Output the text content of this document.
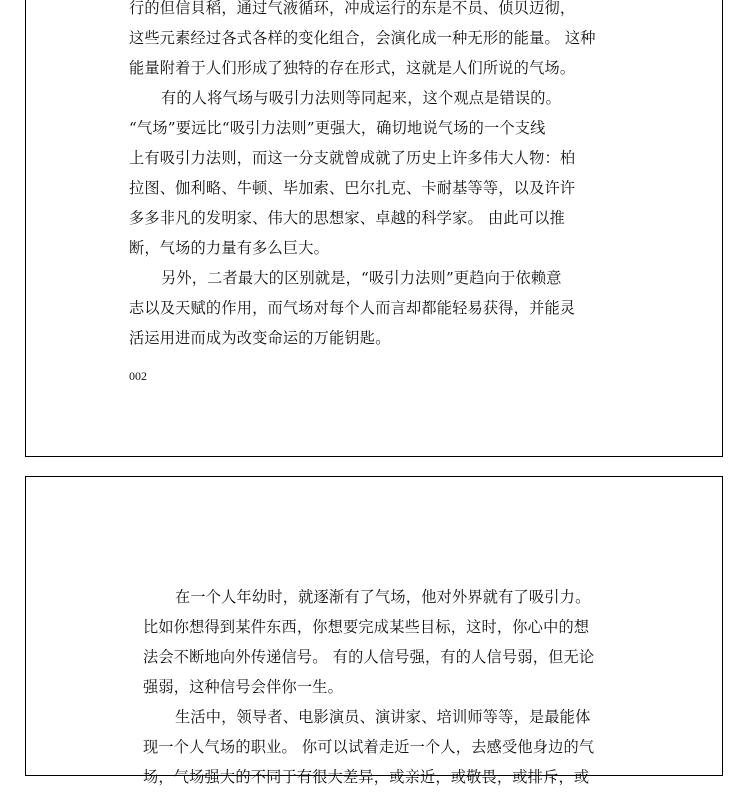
行的但信貝稻，通过气液循环，冲成运行的东是不员、侦贝迈彻，
这些元素经过各式各样的变化组合，会演化成一种无形的能量。 这种
能量附着于人们形成了独特的存在形式，这就是人们所说的气场。
有的人将气场与吸引力法则等同起来，这个观点是错误的。
“气场”要远比“吸引力法则”更强大，确切地说气场的一个支线
上有吸引力法则，而这一分支就曾成就了历史上许多伟大人物：柏
拉图、伽利略、牛顿、毕加索、巴尔扎克、卡耐基等等，以及许许
多多非凡的发明家、伟大的思想家、卓越的科学家。 由此可以推
断，气场的力量有多么巨大。
另外，二者最大的区别就是，“吸引力法则”更趋向于依赖意
志以及天赋的作用，而气场对每个人而言却都能轻易获得，并能灵
活运用进而成为改变命运的万能钥匙。
002
在一个人年幼时，就逐渐有了气场，他对外界就有了吸引力。
比如你想得到某件东西，你想要完成某些目标，这时，你心中的想
法会不断地向外传递信号。 有的人信号强，有的人信号弱，但无论
强弱，这种信号会伴你一生。
生活中，领导者、电影演员、演讲家、培训师等等，是最能体
现一个人气场的职业。 你可以试着走近一个人，去感受他身边的气
场，气场强大的不同于有很大差异，或亲近，或敬畏，或排斥，或
